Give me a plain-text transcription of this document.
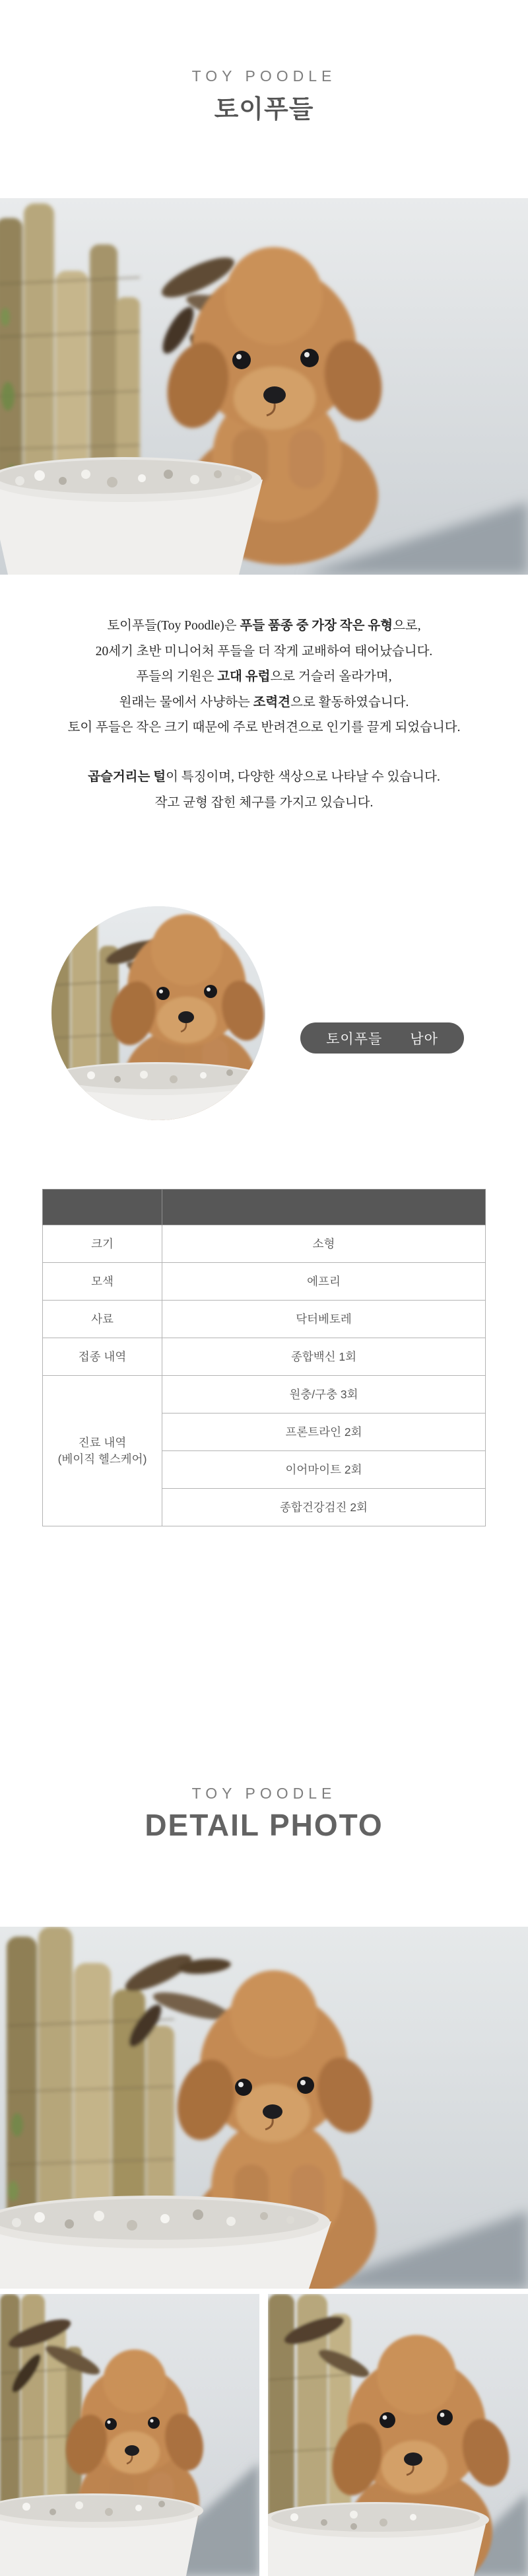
TOY POODLE
토이푸들
토이푸들(Toy Poodle)은 푸들 품종 중 가장 작은 유형으로,
20세기 초반 미니어처 푸들을 더 작게 교배하여 태어났습니다.
푸들의 기원은 고대 유럽으로 거슬러 올라가며,
원래는 물에서 사냥하는 조력견으로 활동하였습니다.
토이 푸들은 작은 크기 때문에 주로 반려견으로 인기를 끌게 되었습니다.
곱슬거리는 털이 특징이며, 다양한 색상으로 나타날 수 있습니다.
작고 균형 잡힌 체구를 가지고 있습니다.
토이푸들 남아

크기	소형

모색	에프리

사료	닥터베토레

접종 내역	종합백신 1회

진료 내역
(베이직 헬스케어)	원충/구충 3회
	프론트라인 2회
	이어마이트 2회
	종합건강검진 2회
TOY POODLE
DETAIL PHOTO
